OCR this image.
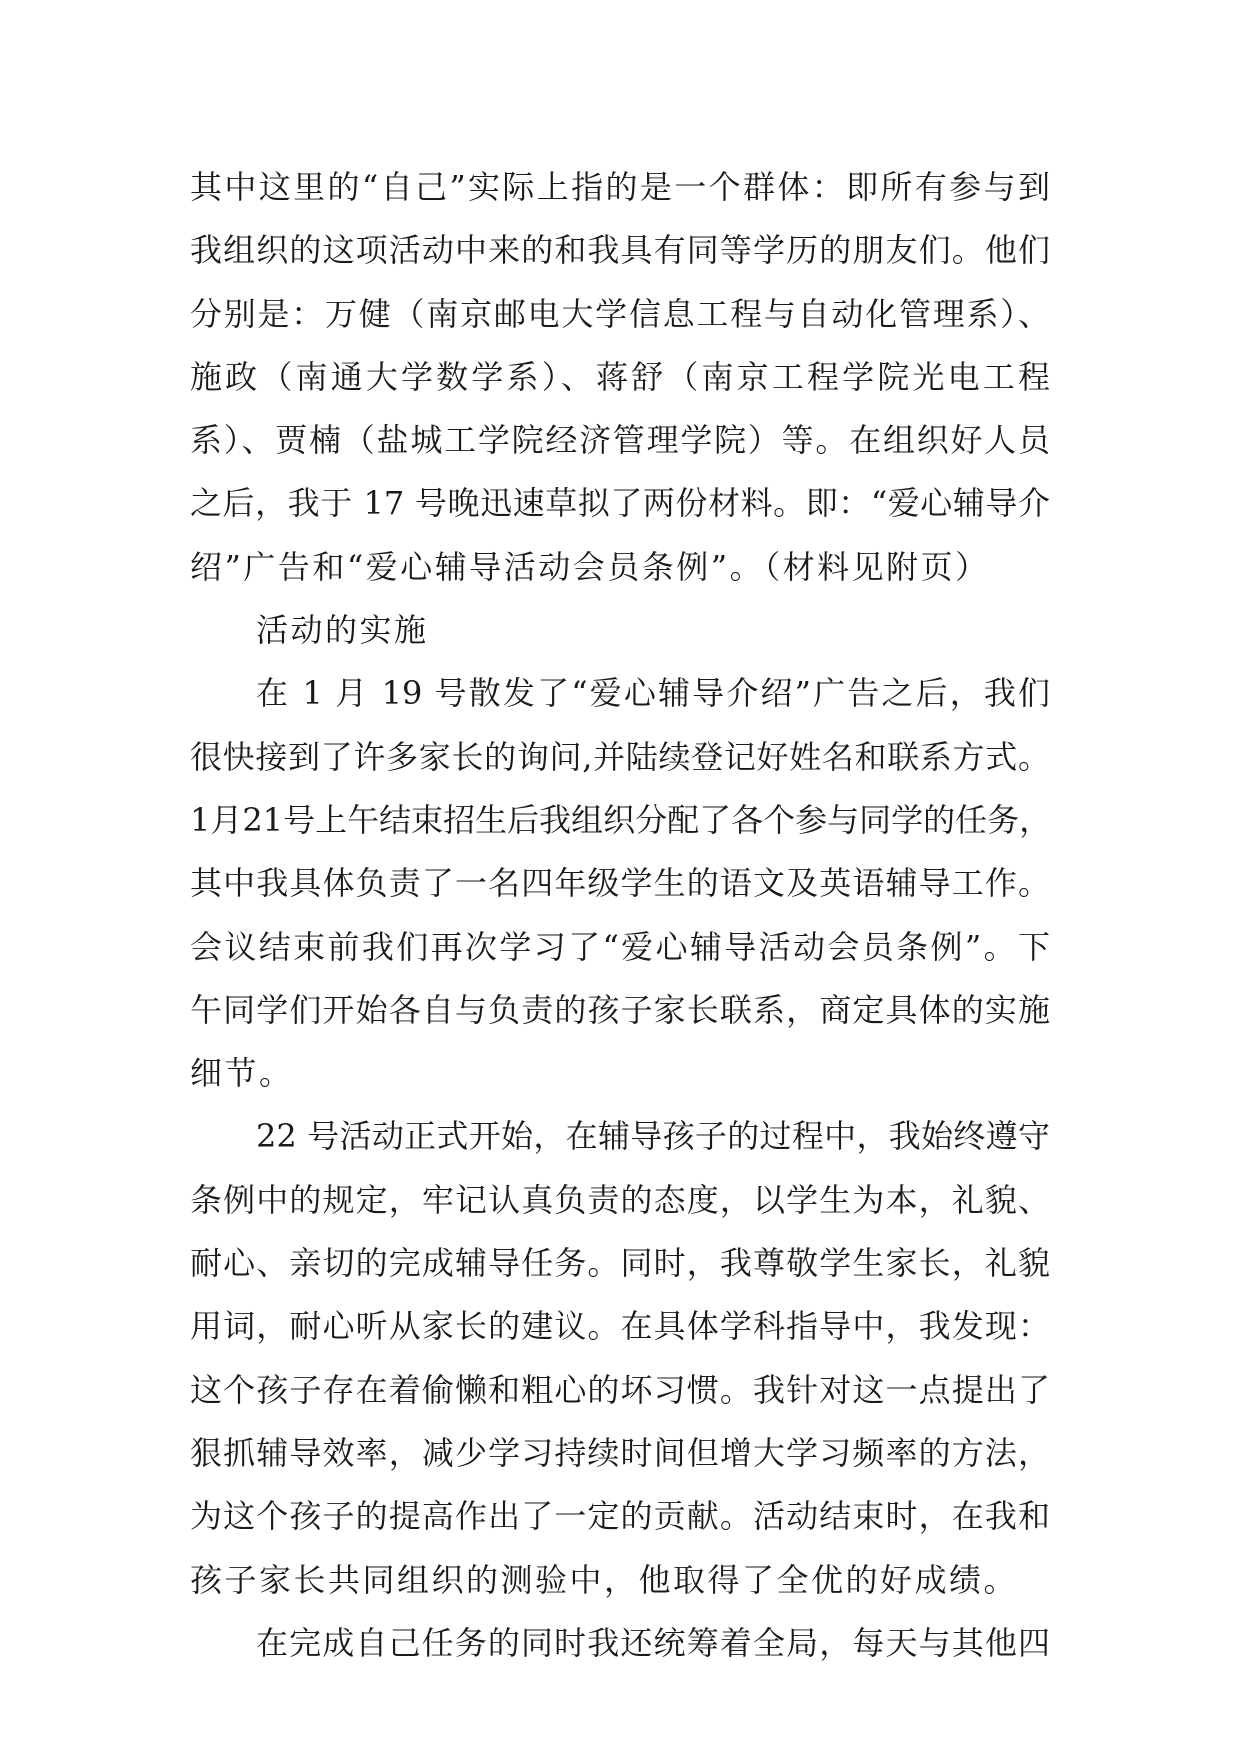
其中这里的“自己”实际上指的是一个群体：即所有参与到
我组织的这项活动中来的和我具有同等学历的朋友们。他们
分别是：万健（南京邮电大学信息工程与自动化管理系）、
施政（南通大学数学系）、蒋舒（南京工程学院光电工程
系）、贾楠（盐城工学院经济管理学院）等。在组织好人员
之后，我于 17 号晚迅速草拟了两份材料。即：“爱心辅导介
绍”广告和“爱心辅导活动会员条例”。（材料见附页）
活动的实施
在 1 月 19 号散发了“爱心辅导介绍”广告之后，我们
很快接到了许多家长的询问,并陆续登记好姓名和联系方式。
1月21号上午结束招生后我组织分配了各个参与同学的任务，
其中我具体负责了一名四年级学生的语文及英语辅导工作。
会议结束前我们再次学习了“爱心辅导活动会员条例”。下
午同学们开始各自与负责的孩子家长联系，商定具体的实施
细节。
22 号活动正式开始，在辅导孩子的过程中，我始终遵守
条例中的规定，牢记认真负责的态度，以学生为本，礼貌、
耐心、亲切的完成辅导任务。同时，我尊敬学生家长，礼貌
用词，耐心听从家长的建议。在具体学科指导中，我发现：
这个孩子存在着偷懒和粗心的坏习惯。我针对这一点提出了
狠抓辅导效率，减少学习持续时间但增大学习频率的方法，
为这个孩子的提高作出了一定的贡献。活动结束时，在我和
孩子家长共同组织的测验中，他取得了全优的好成绩。
在完成自己任务的同时我还统筹着全局，每天与其他四
